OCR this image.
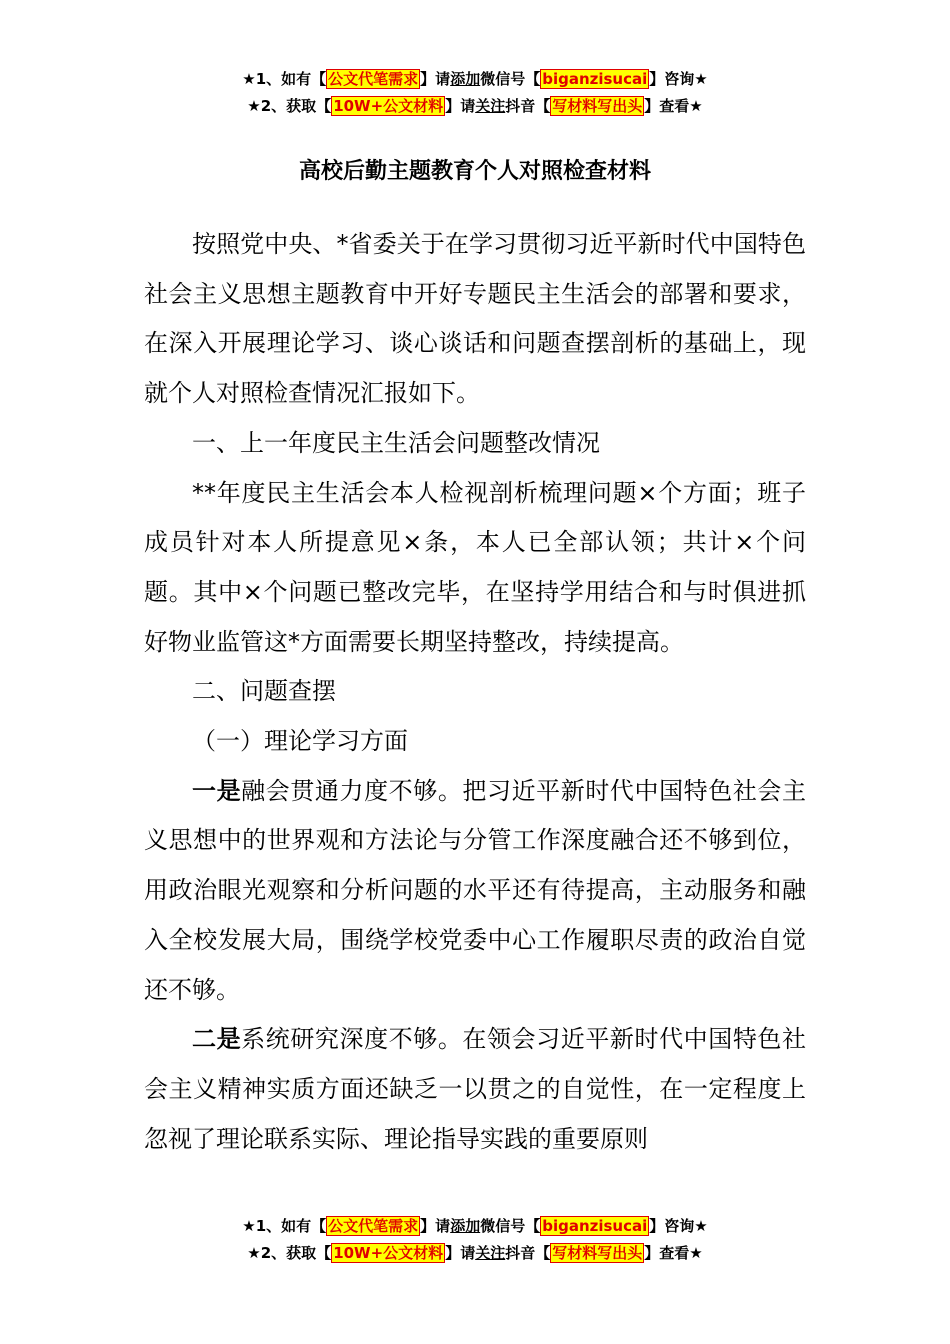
★1、如有【 公文代笔需求 】请添加微信号【 biganzisucai 】咨询★
★2、获取【 10W+公文材料 】请关注抖音【 写材料写出头 】查看★
高校后勤主题教育个人对照检查材料

按照党中央、*省委关于在学习贯彻习近平新时代中国特色社会主义思想主题教育中开好专题民主生活会的部署和要求，在深入开展理论学习、谈心谈话和问题查摆剖析的基础上，现就个人对照检查情况汇报如下。

一、上一年度民主生活会问题整改情况

**年度民主生活会本人检视剖析梳理问题×个方面；班子成员针对本人所提意见×条，本人已全部认领；共计×个问题。其中×个问题已整改完毕，在坚持学用结合和与时俱进抓好物业监管这*方面需要长期坚持整改，持续提高。

二、问题查摆

（一）理论学习方面

一是融会贯通力度不够。把习近平新时代中国特色社会主义思想中的世界观和方法论与分管工作深度融合还不够到位，用政治眼光观察和分析问题的水平还有待提高，主动服务和融入全校发展大局，围绕学校党委中心工作履职尽责的政治自觉还不够。

二是系统研究深度不够。在领会习近平新时代中国特色社会主义精神实质方面还缺乏一以贯之的自觉性，在一定程度上忽视了理论联系实际、理论指导实践的重要原则

★1、如有【 公文代笔需求 】请添加微信号【 biganzisucai 】咨询★
★2、获取【 10W+公文材料 】请关注抖音【 写材料写出头 】查看★
